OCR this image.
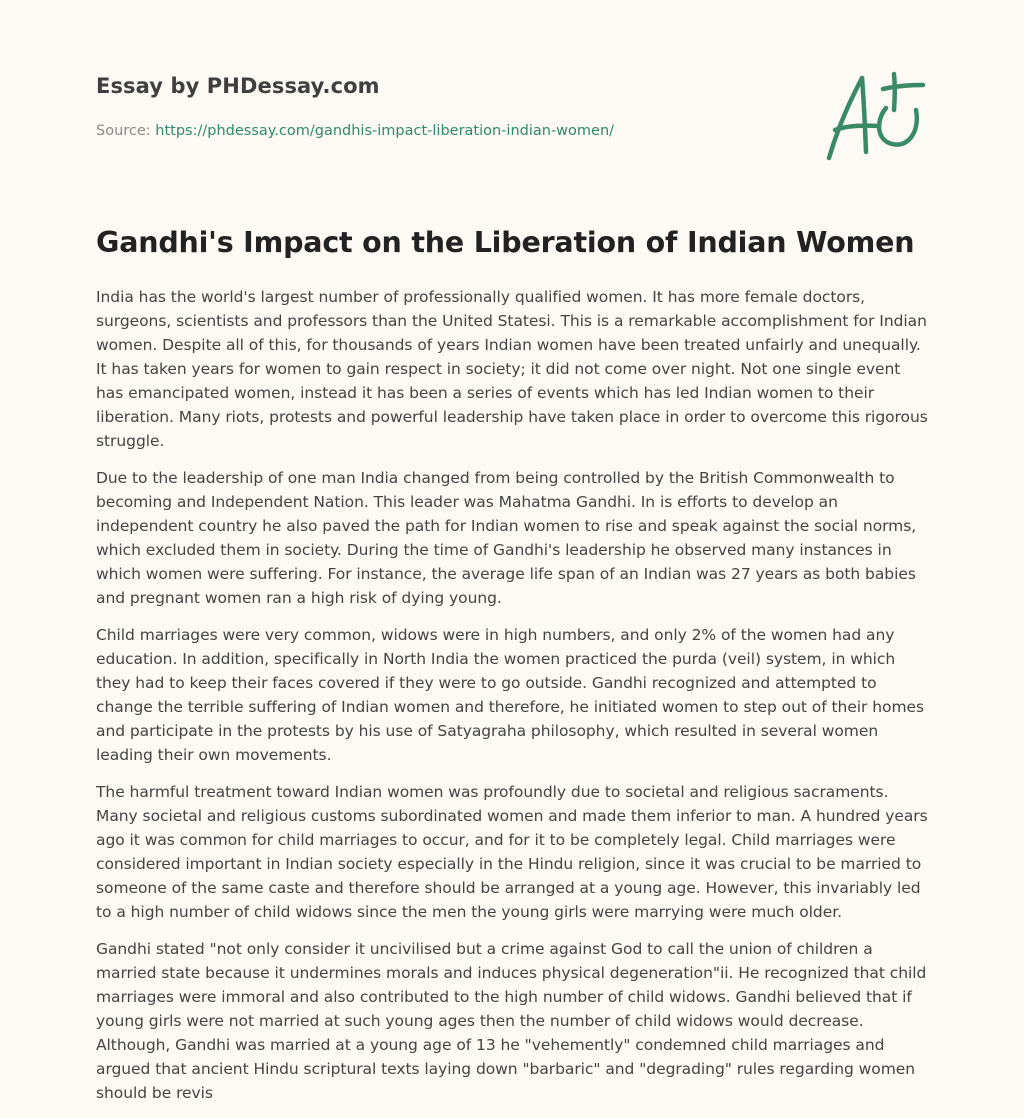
Essay by PHDessay.com
Source: https://phdessay.com/gandhis-impact-liberation-indian-women/
Gandhi's Impact on the Liberation of Indian Women

India has the world's largest number of professionally qualified women. It has more female doctors, surgeons, scientists and professors than the United Statesi. This is a remarkable accomplishment for Indian women. Despite all of this, for thousands of years Indian women have been treated unfairly and unequally. It has taken years for women to gain respect in society; it did not come over night. Not one single event has emancipated women, instead it has been a series of events which has led Indian women to their liberation. Many riots, protests and powerful leadership have taken place in order to overcome this rigorous struggle.

Due to the leadership of one man India changed from being controlled by the British Commonwealth to becoming and Independent Nation. This leader was Mahatma Gandhi. In is efforts to develop an independent country he also paved the path for Indian women to rise and speak against the social norms, which excluded them in society. During the time of Gandhi's leadership he observed many instances in which women were suffering. For instance, the average life span of an Indian was 27 years as both babies and pregnant women ran a high risk of dying young.

Child marriages were very common, widows were in high numbers, and only 2% of the women had any education. In addition, specifically in North India the women practiced the purda (veil) system, in which they had to keep their faces covered if they were to go outside. Gandhi recognized and attempted to change the terrible suffering of Indian women and therefore, he initiated women to step out of their homes and participate in the protests by his use of Satyagraha philosophy, which resulted in several women leading their own movements.

The harmful treatment toward Indian women was profoundly due to societal and religious sacraments. Many societal and religious customs subordinated women and made them inferior to man. A hundred years ago it was common for child marriages to occur, and for it to be completely legal. Child marriages were considered important in Indian society especially in the Hindu religion, since it was crucial to be married to someone of the same caste and therefore should be arranged at a young age. However, this invariably led to a high number of child widows since the men the young girls were marrying were much older.

Gandhi stated "not only consider it uncivilised but a crime against God to call the union of children a married state because it undermines morals and induces physical degeneration"ii. He recognized that child marriages were immoral and also contributed to the high number of child widows. Gandhi believed that if young girls were not married at such young ages then the number of child widows would decrease. Although, Gandhi was married at a young age of 13 he "vehemently" condemned child marriages and argued that ancient Hindu scriptural texts laying down "barbaric" and "degrading" rules regarding women should be revis
